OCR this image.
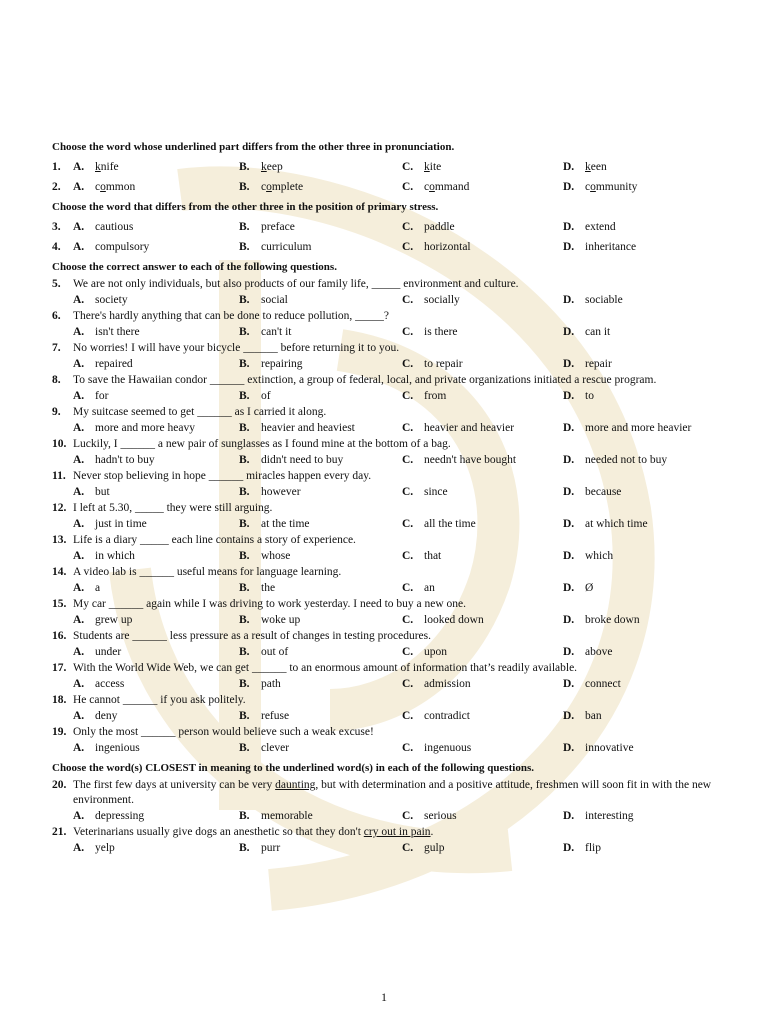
Choose the word whose underlined part differs from the other three in pronunciation.
1. A. knife	B. keep	C. kite	D. keen
2. A. common	B. complete	C. command	D. community
Choose the word that differs from the other three in the position of primary stress.
3. A. cautious	B. preface	C. paddle	D. extend
4. A. compulsory	B. curriculum	C. horizontal	D. inheritance
Choose the correct answer to each of the following questions.
5. We are not only individuals, but also products of our family life, _____ environment and culture.
A. society	B. social	C. socially	D. sociable
6. There's hardly anything that can be done to reduce pollution, _____?
A. isn't there	B. can't it	C. is there	D. can it
7. No worries! I will have your bicycle ______ before returning it to you.
A. repaired	B. repairing	C. to repair	D. repair
8. To save the Hawaiian condor ______ extinction, a group of federal, local, and private organizations initiated a rescue program.
A. for	B. of	C. from	D. to
9. My suitcase seemed to get ______ as I carried it along.
A. more and more heavy	B. heavier and heaviest	C. heavier and heavier	D. more and more heavier
10. Luckily, I ______ a new pair of sunglasses as I found mine at the bottom of a bag.
A. hadn't to buy	B. didn't need to buy	C. needn't have bought	D. needed not to buy
11. Never stop believing in hope ______ miracles happen every day.
A. but	B. however	C. since	D. because
12. I left at 5.30, _____ they were still arguing.
A. just in time	B. at the time	C. all the time	D. at which time
13. Life is a diary _____ each line contains a story of experience.
A. in which	B. whose	C. that	D. which
14. A video lab is ______ useful means for language learning.
A. a	B. the	C. an	D. Ø
15. My car ______ again while I was driving to work yesterday. I need to buy a new one.
A. grew up	B. woke up	C. looked down	D. broke down
16. Students are ______ less pressure as a result of changes in testing procedures.
A. under	B. out of	C. upon	D. above
17. With the World Wide Web, we can get ______ to an enormous amount of information that’s readily available.
A. access	B. path	C. admission	D. connect
18. He cannot ______ if you ask politely.
A. deny	B. refuse	C. contradict	D. ban
19. Only the most ______ person would believe such a weak excuse!
A. ingenious	B. clever	C. ingenuous	D. innovative
Choose the word(s) CLOSEST in meaning to the underlined word(s) in each of the following questions.
20. The first few days at university can be very daunting, but with determination and a positive attitude, freshmen will soon fit in with the new environment.
A. depressing	B. memorable	C. serious	D. interesting
21. Veterinarians usually give dogs an anesthetic so that they don't cry out in pain.
A. yelp	B. purr	C. gulp	D. flip
1
